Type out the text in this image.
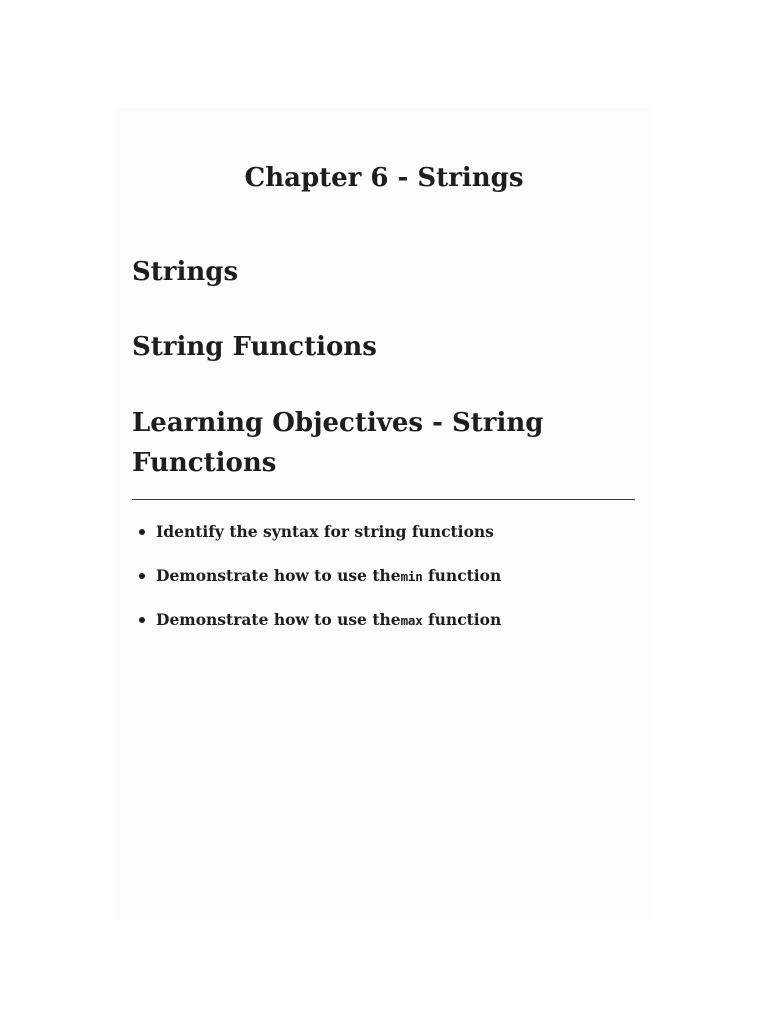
Chapter 6 - Strings
Strings
String Functions
Learning Objectives - String
Functions
Identify the syntax for string functions
Demonstrate how to use themin function
Demonstrate how to use themax function
